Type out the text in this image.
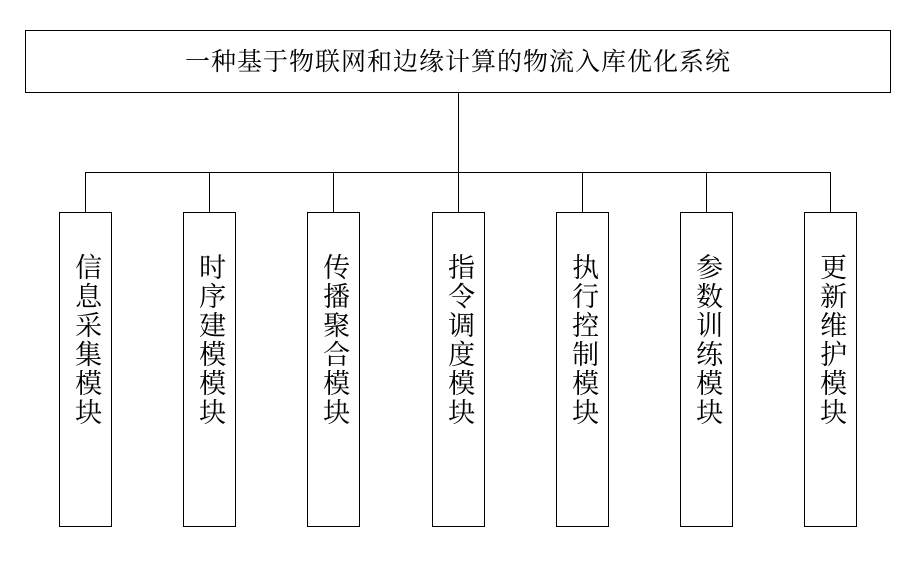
一种基于物联网和边缘计算的物流入库优化系统
信息采集模块	时序建模模块	传播聚合模块	指令调度模块	执行控制模块	参数训练模块	更新维护模块
